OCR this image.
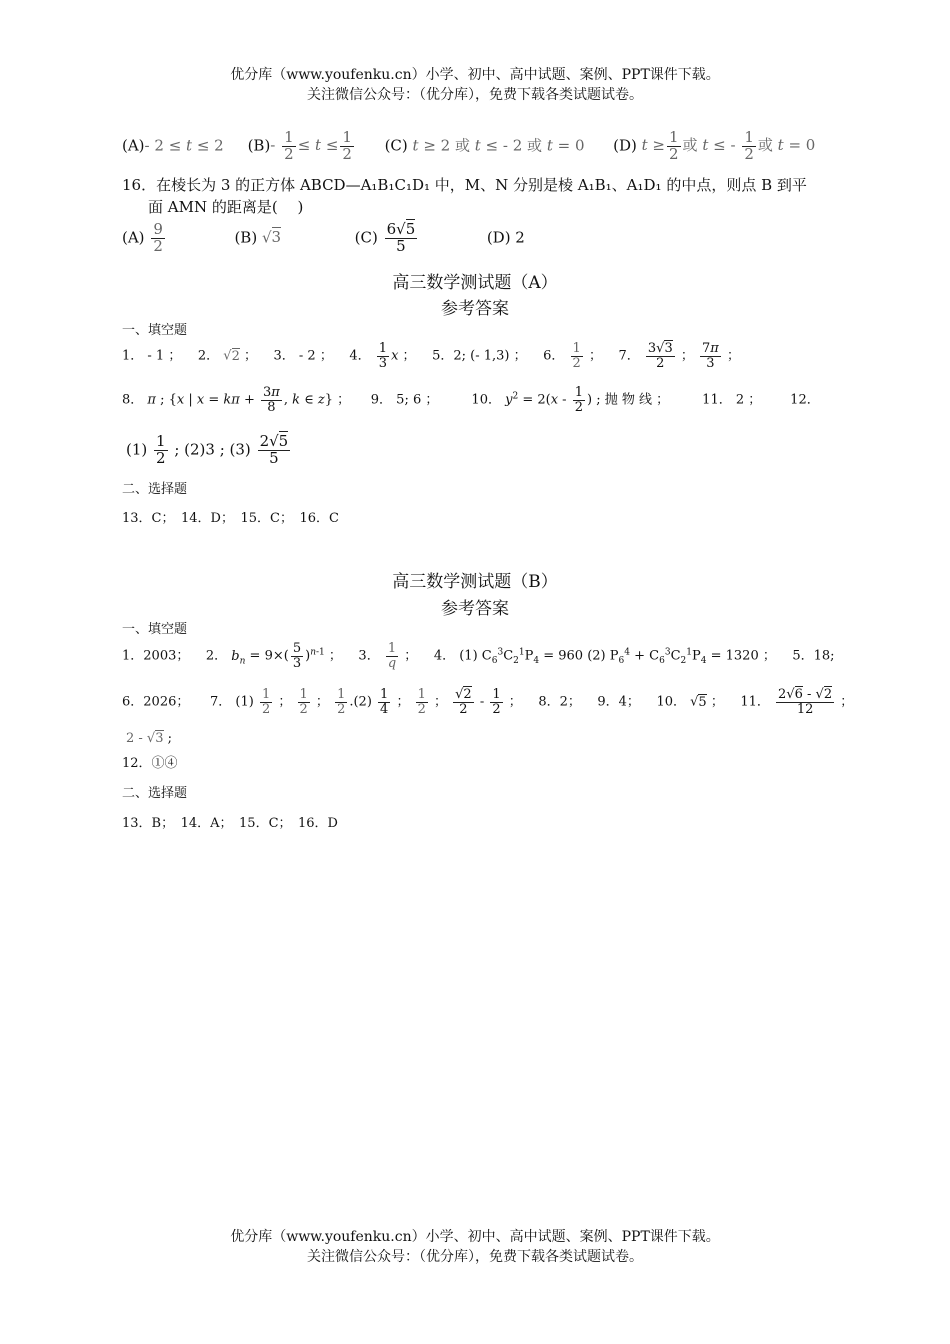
优分库（www.youfenku.cn）小学、初中、高中试题、案例、PPT课件下载。
关注微信公众号：（优分库），免费下载各类试题试卷。
(A)- 2 ≤ t ≤ 2 $(B)- \frac{1}{2} \le t \le \frac{1}{2} (C) t \ge 2$ 或 t ≤ - 2 或 t = 0 (D) $t \ge \frac{1}{2}$ 或 t ≤ - $\frac{1}{2}$ 或 t = 0
16．在棱长为 3 的正方体 ABCD—A₁B₁C₁D₁ 中，M、N 分别是棱 A₁B₁、A₁D₁ 的中点，则点 B 到平
面 AMN 的距离是(　 )
$(A) \frac{9}{2}$	(B) √3	$(C) \frac{6√5}{5}$	(D) 2
高三数学测试题（A）
参考答案
一、填空题
1． - 1 ；    2． √2 ；    3． - 2 ；    4． $\frac{1}{3}$ x ；    5．2; (- 1,3) ；    6． $\frac{1}{2}$ ；    7． $\frac{3√3}{2}$ ； $\frac{7\pi}{3}$ ；
8． π ; {x | $x = k\pi + \frac{3\pi}{8}$ , k ∈ z} ；     9． 5; 6 ；        10． $y^2 = 2(x - \frac{1}{2}$ ) ; 抛 物 线 ；        11． 2 ；       12．
$(1) \frac{1}{2}$ ; (2)3 ; $(3) \frac{2√5}{5}$
二、选择题
13．C；　14．D；　15．C；　16．C
高三数学测试题（B）
参考答案
一、填空题
1．2003；    2． $b_n = 9\times( \frac{5}{3} )^{n-1}$ ；    3． $\frac{1}{q}$ ；    4． (1) $C_6^3C_2^1P_4 = 960$ (2) $P_6^4 + C_6^3C_2^1P_4 = 1320$ ；    5．18;
6．2026；     7． $(1) \frac{1}{2}$ ； $\frac{1}{2}$ ； $\frac{1}{2} .(2) \frac{1}{4}$ ； $\frac{1}{2}$ ； $\frac{√2}{2} - \frac{1}{2}$ ；    8．2；    9．4；    10． √5 ；    11． $\frac{2√6 - √2}{12}$ ；
2 - √3 ;
12．①④
二、选择题
13．B；　14．A；　15．C；　16．D
优分库（www.youfenku.cn）小学、初中、高中试题、案例、PPT课件下载。
关注微信公众号：（优分库），免费下载各类试题试卷。
